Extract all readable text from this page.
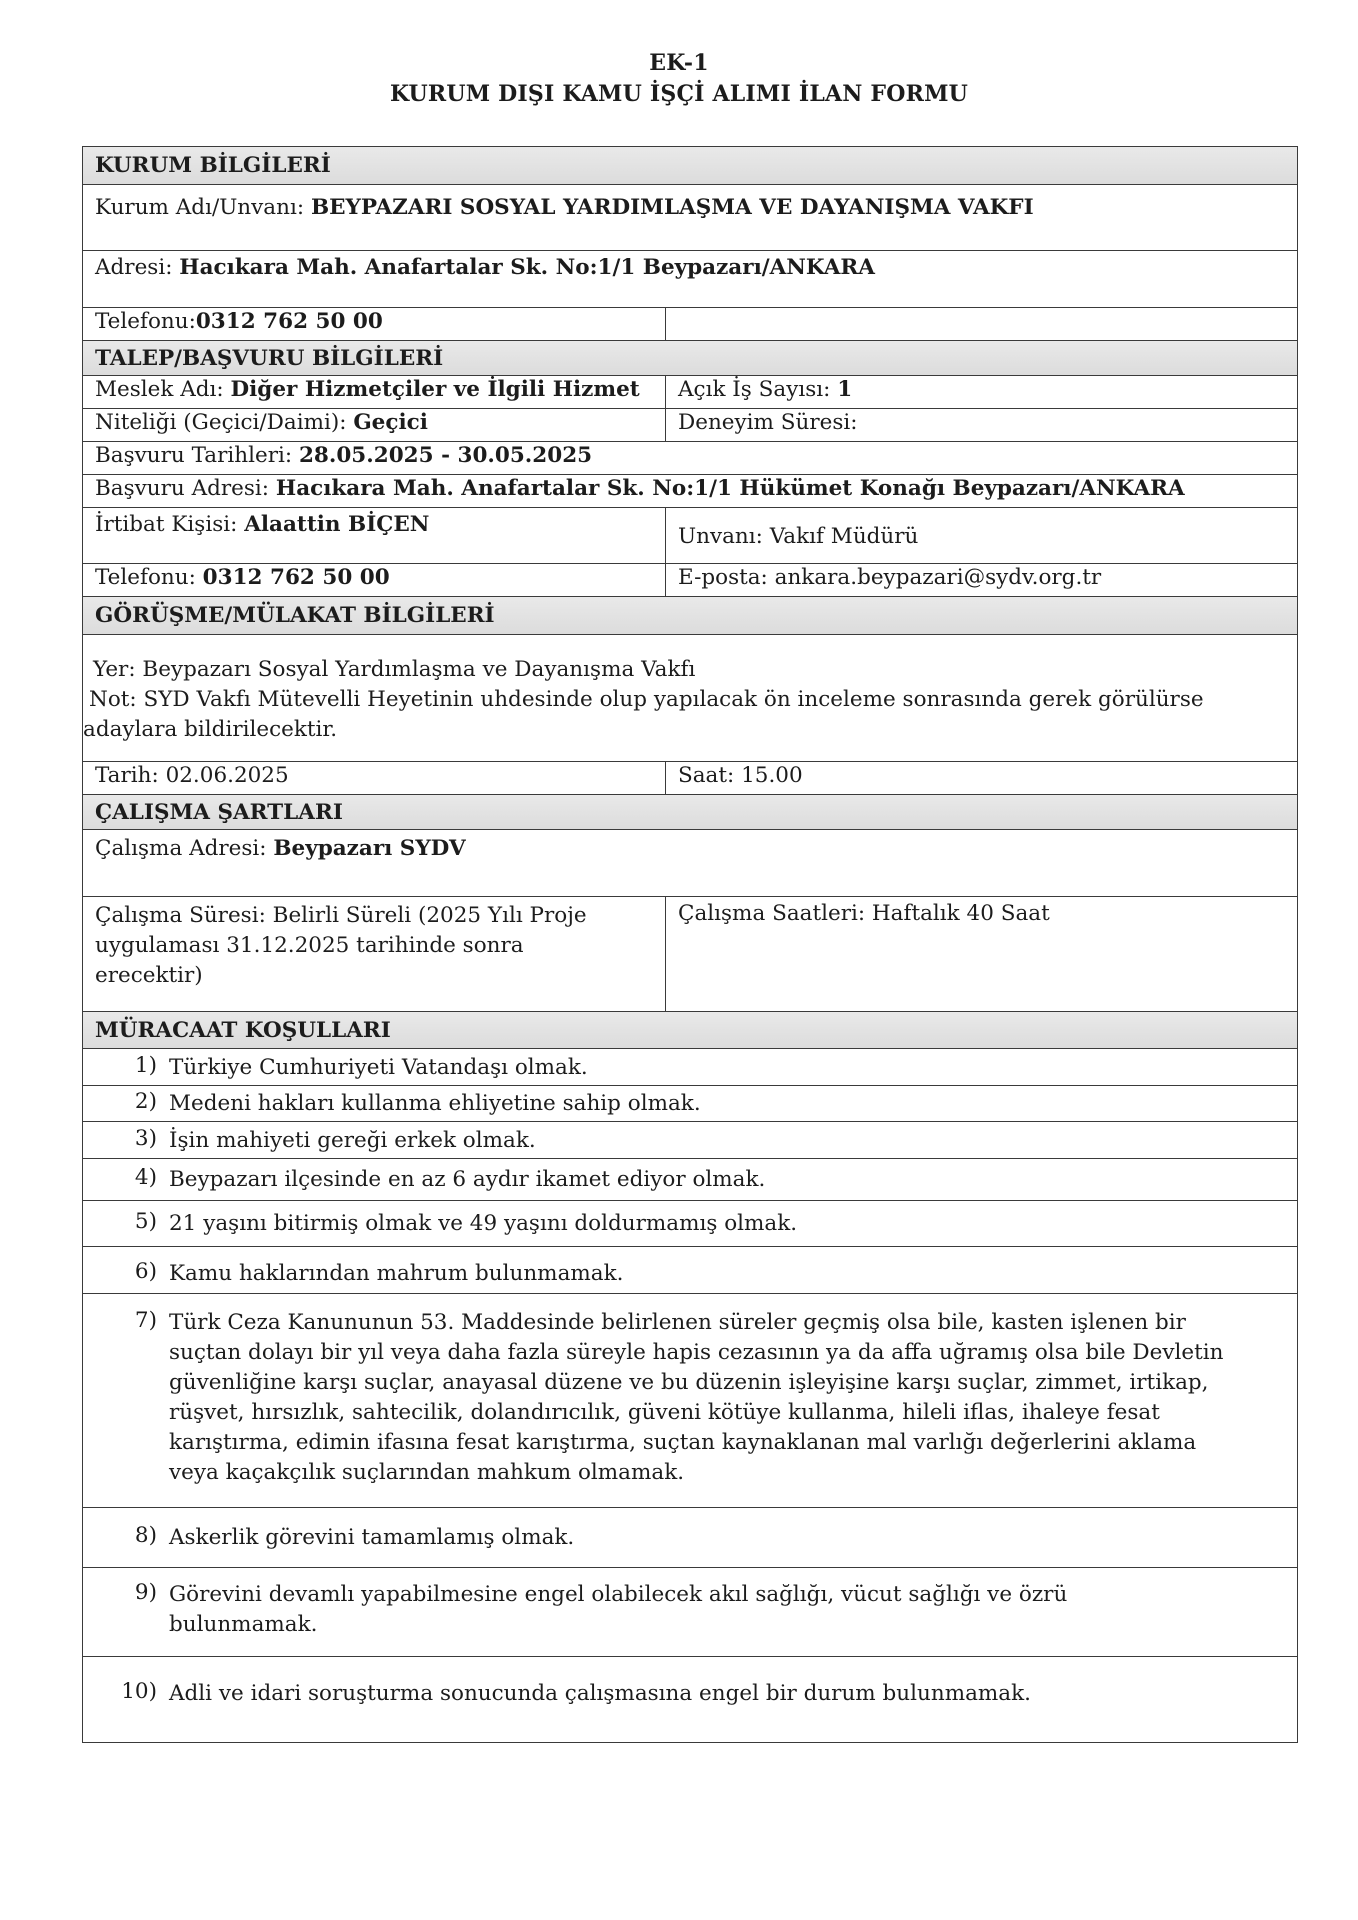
EK-1
KURUM DIŞI KAMU İŞÇİ ALIMI İLAN FORMU
KURUM BİLGİLERİ
Kurum Adı/Unvanı: BEYPAZARI SOSYAL YARDIMLAŞMA VE DAYANIŞMA VAKFI
Adresi: Hacıkara Mah. Anafartalar Sk. No:1/1 Beypazarı/ANKARA
Telefonu: 0312 762 50 00
TALEP/BAŞVURU BİLGİLERİ
Meslek Adı: Diğer Hizmetçiler ve İlgili Hizmet Açık İş Sayısı: 1
Niteliği (Geçici/Daimi): Geçici	Deneyim Süresi:
Başvuru Tarihleri: 28.05.2025 - 30.05.2025
Başvuru Adresi: Hacıkara Mah. Anafartalar Sk. No:1/1 Hükümet Konağı Beypazarı/ANKARA
İrtibat Kişisi: Alaattin BİÇEN	Unvanı: Vakıf Müdürü
Telefonu: 0312 762 50 00	E-posta: ankara.beypazari@sydv.org.tr
GÖRÜŞME/MÜLAKAT BİLGİLERİ
Yer: Beypazarı Sosyal Yardımlaşma ve Dayanışma Vakfı
Not: SYD Vakfı Mütevelli Heyetinin uhdesinde olup yapılacak ön inceleme sonrasında gerek görülürse
adaylara bildirilecektir.
Tarih: 02.06.2025	Saat: 15.00
ÇALIŞMA ŞARTLARI
Çalışma Adresi: Beypazarı SYDV
Çalışma Süresi: Belirli Süreli (2025 Yılı Proje
uygulaması 31.12.2025 tarihinde sonra
erecektir)
Çalışma Saatleri: Haftalık 40 Saat
MÜRACAAT KOŞULLARI
1) Türkiye Cumhuriyeti Vatandaşı olmak.
2) Medeni hakları kullanma ehliyetine sahip olmak.
3) İşin mahiyeti gereği erkek olmak.
4) Beypazarı ilçesinde en az 6 aydır ikamet ediyor olmak.
5) 21 yaşını bitirmiş olmak ve 49 yaşını doldurmamış olmak.
6) Kamu haklarından mahrum bulunmamak.
7) Türk Ceza Kanununun 53. Maddesinde belirlenen süreler geçmiş olsa bile, kasten işlenen bir
suçtan dolayı bir yıl veya daha fazla süreyle hapis cezasının ya da affa uğramış olsa bile Devletin
güvenliğine karşı suçlar, anayasal düzene ve bu düzenin işleyişine karşı suçlar, zimmet, irtikap,
rüşvet, hırsızlık, sahtecilik, dolandırıcılık, güveni kötüye kullanma, hileli iflas, ihaleye fesat
karıştırma, edimin ifasına fesat karıştırma, suçtan kaynaklanan mal varlığı değerlerini aklama
veya kaçakçılık suçlarından mahkum olmamak.
8) Askerlik görevini tamamlamış olmak.
9) Görevini devamlı yapabilmesine engel olabilecek akıl sağlığı, vücut sağlığı ve özrü
bulunmamak.
10) Adli ve idari soruşturma sonucunda çalışmasına engel bir durum bulunmamak.
